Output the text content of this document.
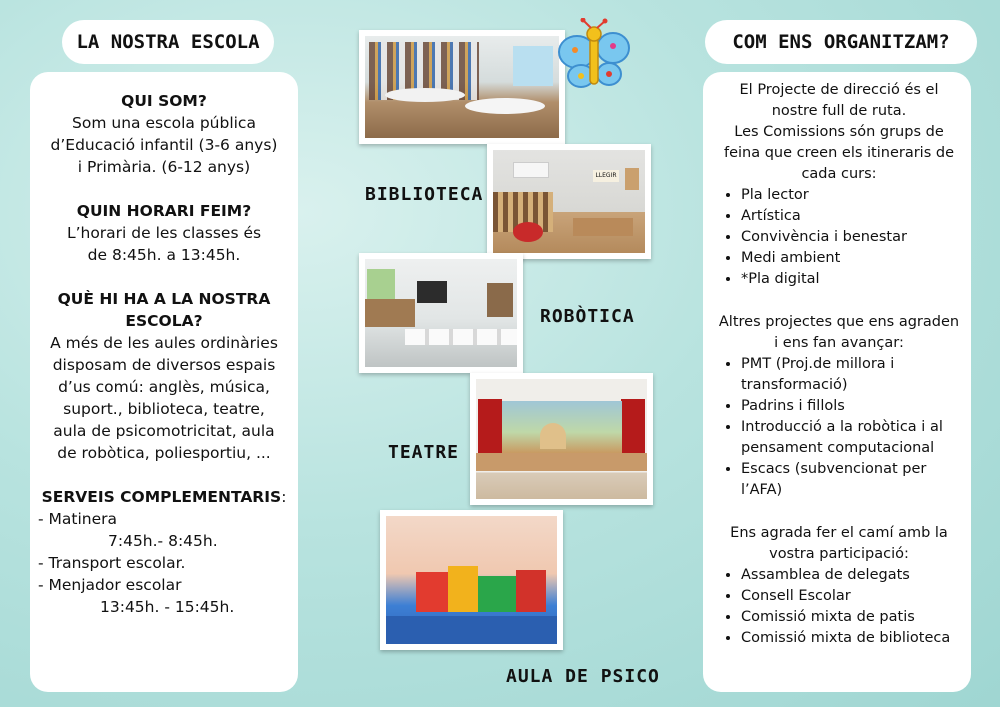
LA NOSTRA ESCOLA
QUI SOM?
Som una escola pública
d’Educació infantil (3-6 anys)
i Primària. (6-12 anys)
QUIN HORARI FEIM?
L’horari de les classes és
de 8:45h. a 13:45h.
QUÈ HI HA A LA NOSTRA
ESCOLA?
A més de les aules ordinàries
disposam de diversos espais
d’us comú: anglès, música,
suport., biblioteca, teatre,
aula de psicomotricitat, aula
de robòtica, poliesportiu, ...
SERVEIS COMPLEMENTARIS:
- Matinera
7:45h.- 8:45h.
- Transport escolar.
- Menjador escolar
13:45h. - 15:45h.
BIBLIOTECA
LLEGIR
ROBÒTICA
TEATRE
AULA DE PSICO
COM ENS ORGANITZAM?
El Projecte de direcció és el
nostre full de ruta.
Les Comissions són grups de
feina que creen els itineraris de
cada curs:
• Pla lector
• Artística
• Convivència i benestar
• Medi ambient
• *Pla digital
Altres projectes que ens agraden
i ens fan avançar:
• PMT (Proj.de millora i
transformació)
• Padrins i fillols
• Introducció a la robòtica i al
pensament computacional
• Escacs (subvencionat per
l’AFA)
Ens agrada fer el camí amb la
vostra participació:
• Assamblea de delegats
• Consell Escolar
• Comissió mixta de patis
• Comissió mixta de biblioteca
